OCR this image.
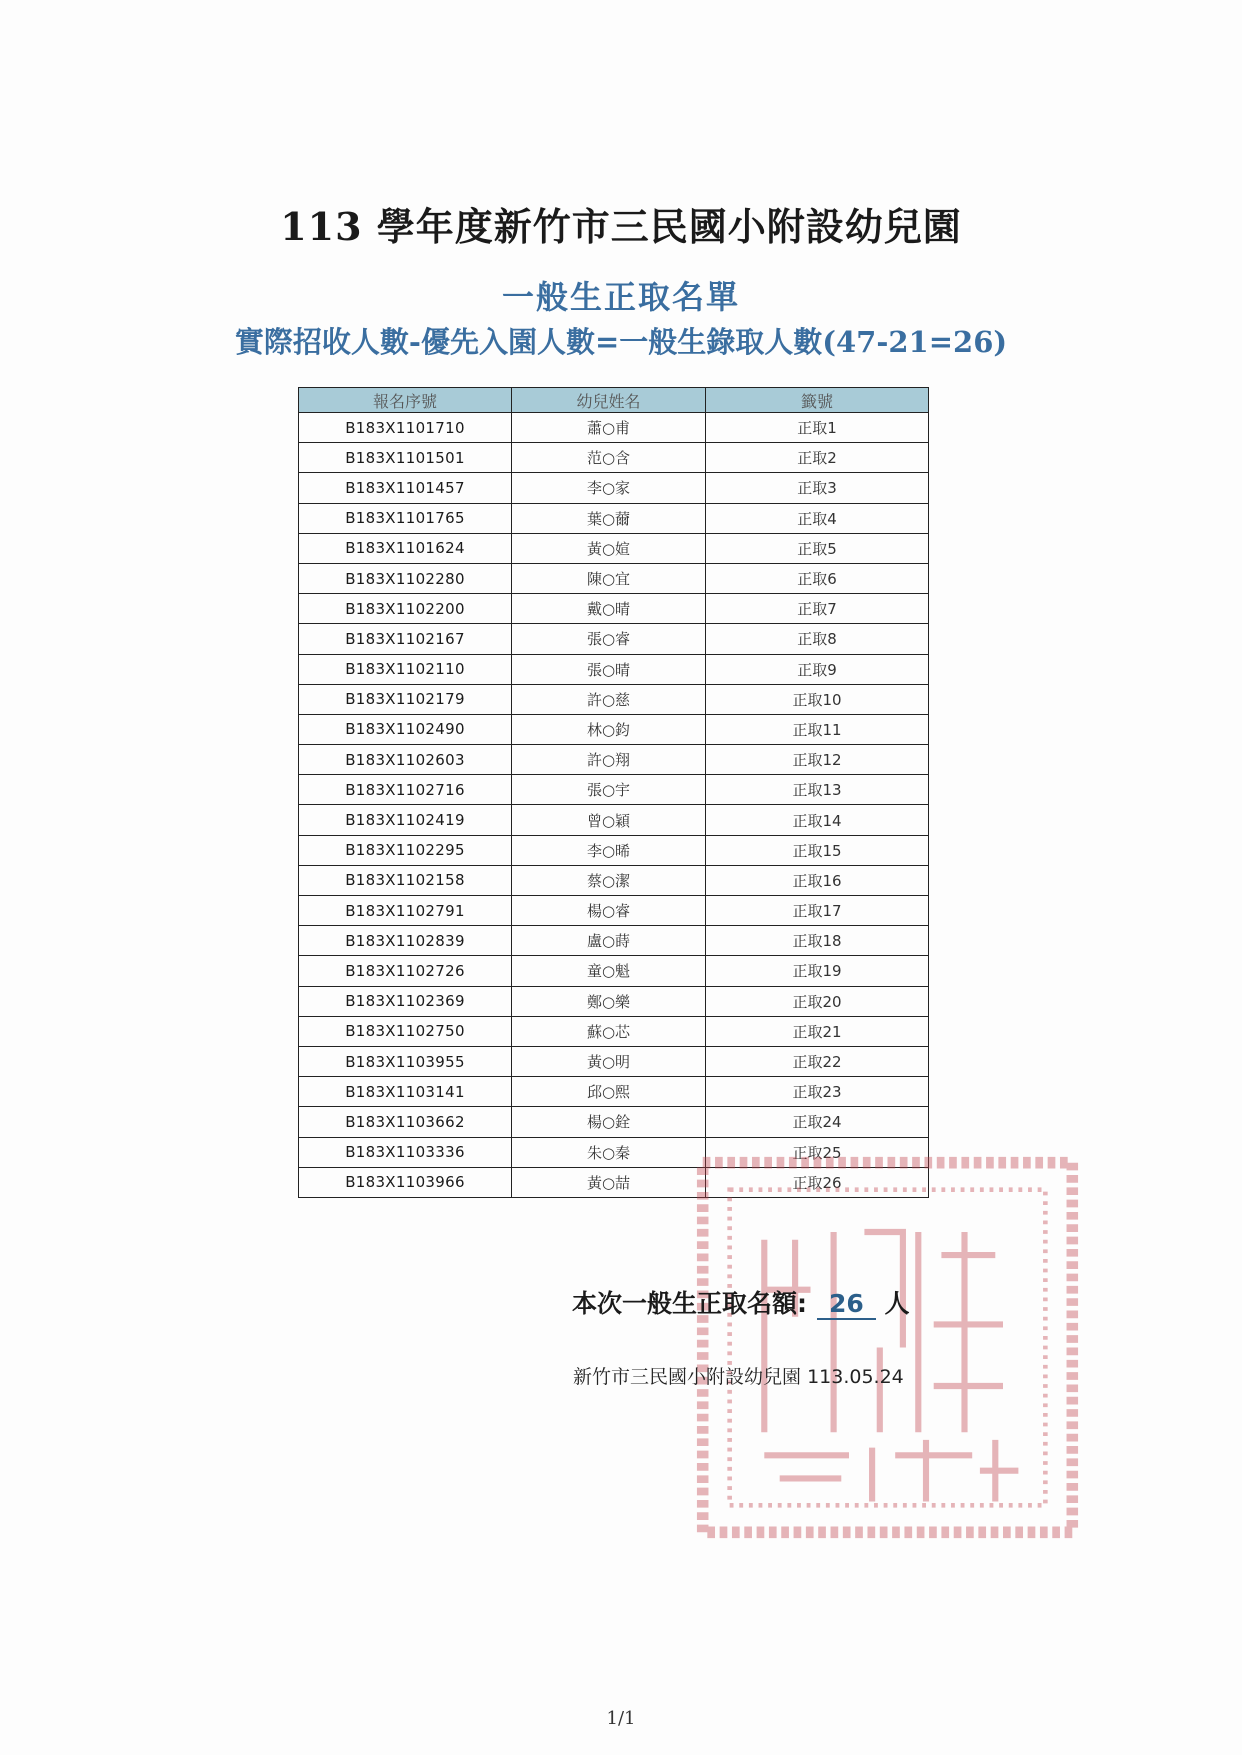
113 學年度新竹市三民國小附設幼兒園
一般生正取名單
實際招收人數-優先入園人數=一般生錄取人數(47-21=26)
報名序號	幼兒姓名	籤號
B183X1101710	蕭○甫	正取1
B183X1101501	范○含	正取2
B183X1101457	李○家	正取3
B183X1101765	葉○薾	正取4
B183X1101624	黃○媗	正取5
B183X1102280	陳○宜	正取6
B183X1102200	戴○晴	正取7
B183X1102167	張○睿	正取8
B183X1102110	張○晴	正取9
B183X1102179	許○慈	正取10
B183X1102490	林○鈞	正取11
B183X1102603	許○翔	正取12
B183X1102716	張○宇	正取13
B183X1102419	曾○穎	正取14
B183X1102295	李○晞	正取15
B183X1102158	蔡○潔	正取16
B183X1102791	楊○睿	正取17
B183X1102839	盧○蒔	正取18
B183X1102726	童○魁	正取19
B183X1102369	鄭○樂	正取20
B183X1102750	蘇○芯	正取21
B183X1103955	黃○明	正取22
B183X1103141	邱○熙	正取23
B183X1103662	楊○銓	正取24
B183X1103336	朱○秦	正取25
B183X1103966	黃○喆	正取26
本次一般生正取名額: 26 人
新竹市三民國小附設幼兒園 113.05.24
1/1
